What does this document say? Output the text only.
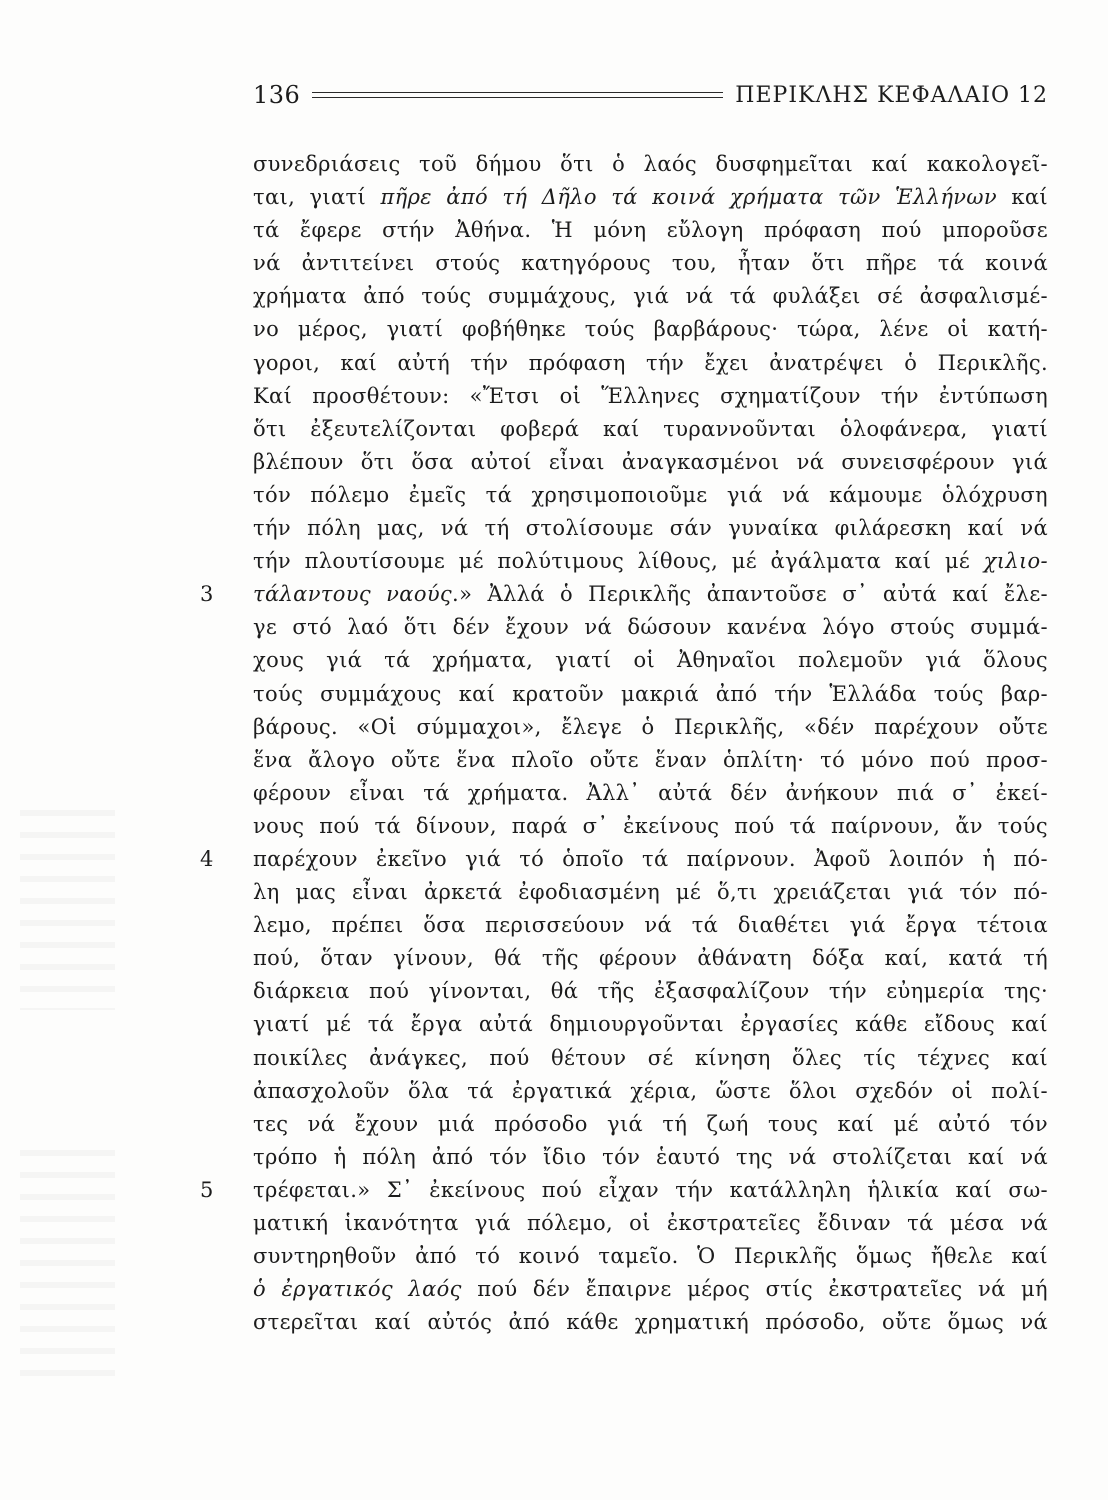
136	ΠΕΡΙΚΛΗΣ ΚΕΦΑΛΑΙΟ 12
συνεδριάσεις τοῦ δήμου ὅτι ὁ λαός δυσφημεῖται καί κακολογεῖ-
ται, γιατί πῆρε ἀπό τή Δῆλο τά κοινά χρήματα τῶν Ἑλλήνων καί
τά ἔφερε στήν Ἀθήνα. Ἡ μόνη εὔλογη πρόφαση πού μποροῦσε
νά ἀντιτείνει στούς κατηγόρους του, ἦταν ὅτι πῆρε τά κοινά
χρήματα ἀπό τούς συμμάχους, γιά νά τά φυλάξει σέ ἀσφαλισμέ-
νο μέρος, γιατί φοβήθηκε τούς βαρβάρους· τώρα, λένε οἱ κατή-
γοροι, καί αὐτή τήν πρόφαση τήν ἔχει ἀνατρέψει ὁ Περικλῆς.
Καί προσθέτουν: «Ἔτσι οἱ Ἕλληνες σχηματίζουν τήν ἐντύπωση
ὅτι ἐξευτελίζονται φοβερά καί τυραννοῦνται ὁλοφάνερα, γιατί
βλέπουν ὅτι ὅσα αὐτοί εἶναι ἀναγκασμένοι νά συνεισφέρουν γιά
τόν πόλεμο ἐμεῖς τά χρησιμοποιοῦμε γιά νά κάμουμε ὁλόχρυση
τήν πόλη μας, νά τή στολίσουμε σάν γυναίκα φιλάρεσκη καί νά
τήν πλουτίσουμε μέ πολύτιμους λίθους, μέ ἀγάλματα καί μέ χιλιο-
τάλαντους ναούς.» Ἀλλά ὁ Περικλῆς ἀπαντοῦσε σ᾽ αὐτά καί ἔλε-
γε στό λαό ὅτι δέν ἔχουν νά δώσουν κανένα λόγο στούς συμμά-
χους γιά τά χρήματα, γιατί οἱ Ἀθηναῖοι πολεμοῦν γιά ὅλους
τούς συμμάχους καί κρατοῦν μακριά ἀπό τήν Ἑλλάδα τούς βαρ-
βάρους. «Οἱ σύμμαχοι», ἔλεγε ὁ Περικλῆς, «δέν παρέχουν οὔτε
ἕνα ἄλογο οὔτε ἕνα πλοῖο οὔτε ἕναν ὁπλίτη· τό μόνο πού προσ-
φέρουν εἶναι τά χρήματα. Ἀλλ᾽ αὐτά δέν ἀνήκουν πιά σ᾽ ἐκεί-
νους πού τά δίνουν, παρά σ᾽ ἐκείνους πού τά παίρνουν, ἄν τούς
παρέχουν ἐκεῖνο γιά τό ὁποῖο τά παίρνουν. Ἀφοῦ λοιπόν ἡ πό-
λη μας εἶναι ἀρκετά ἐφοδιασμένη μέ ὅ,τι χρειάζεται γιά τόν πό-
λεμο, πρέπει ὅσα περισσεύουν νά τά διαθέτει γιά ἔργα τέτοια
πού, ὅταν γίνουν, θά τῆς φέρουν ἀθάνατη δόξα καί, κατά τή
διάρκεια πού γίνονται, θά τῆς ἐξασφαλίζουν τήν εὐημερία της·
γιατί μέ τά ἔργα αὐτά δημιουργοῦνται ἐργασίες κάθε εἴδους καί
ποικίλες ἀνάγκες, πού θέτουν σέ κίνηση ὅλες τίς τέχνες καί
ἀπασχολοῦν ὅλα τά ἐργατικά χέρια, ὥστε ὅλοι σχεδόν οἱ πολί-
τες νά ἔχουν μιά πρόσοδο γιά τή ζωή τους καί μέ αὐτό τόν
τρόπο ἡ πόλη ἀπό τόν ἴδιο τόν ἑαυτό της νά στολίζεται καί νά
τρέφεται.» Σ᾽ ἐκείνους πού εἶχαν τήν κατάλληλη ἡλικία καί σω-
ματική ἱκανότητα γιά πόλεμο, οἱ ἐκστρατεῖες ἔδιναν τά μέσα νά
συντηρηθοῦν ἀπό τό κοινό ταμεῖο. Ὁ Περικλῆς ὅμως ἤθελε καί
ὁ ἐργατικός λαός πού δέν ἔπαιρνε μέρος στίς ἐκστρατεῖες νά μή
στερεῖται καί αὐτός ἀπό κάθε χρηματική πρόσοδο, οὔτε ὅμως νά
3
4
5
